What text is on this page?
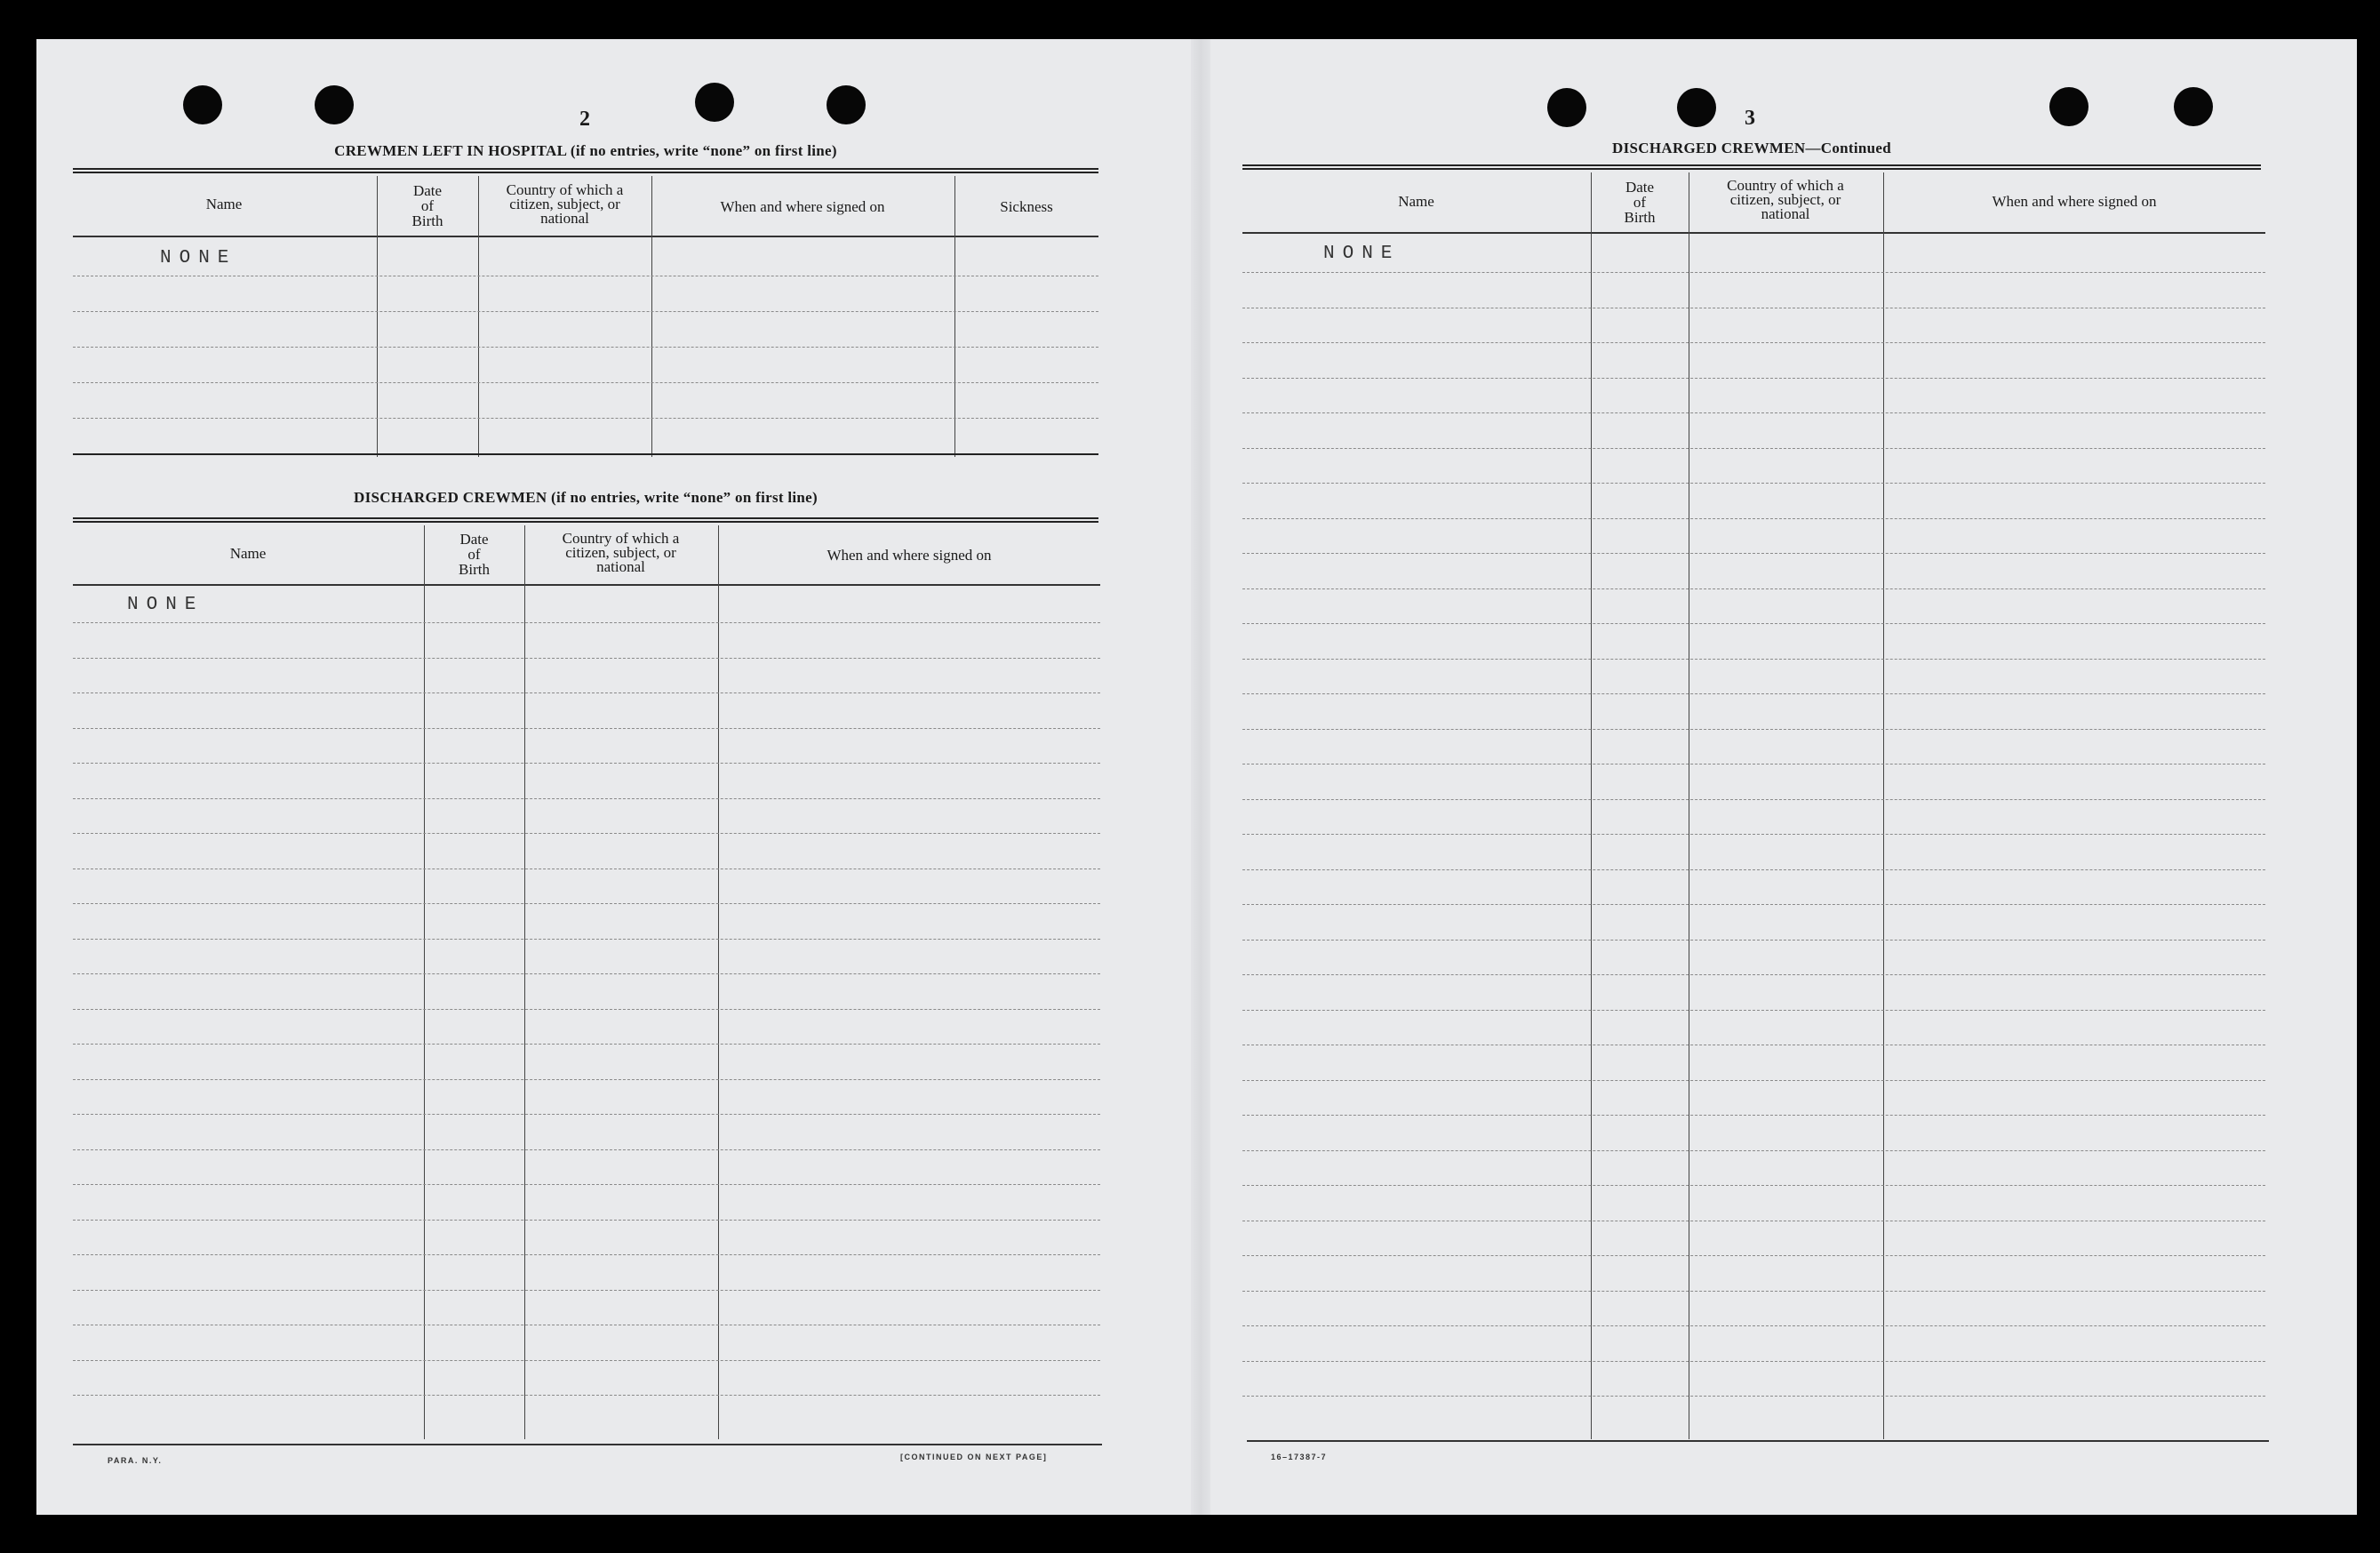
2
CREWMEN LEFT IN HOSPITAL (if no entries, write “none” on first line)
Name
Date
of
Birth
Country of which a
citizen, subject, or
national
When and where signed on	Sickness
NONE
DISCHARGED CREWMEN (if no entries, write “none” on first line)
Name
Date
of
Birth
Country of which a
citizen, subject, or
national
When and where signed on
NONE
PARA. N.Y.	[CONTINUED ON NEXT PAGE]
3
DISCHARGED CREWMEN—Continued
Name
Date
of
Birth
Country of which a
citizen, subject, or
national
When and where signed on
NONE
16–17387-7
